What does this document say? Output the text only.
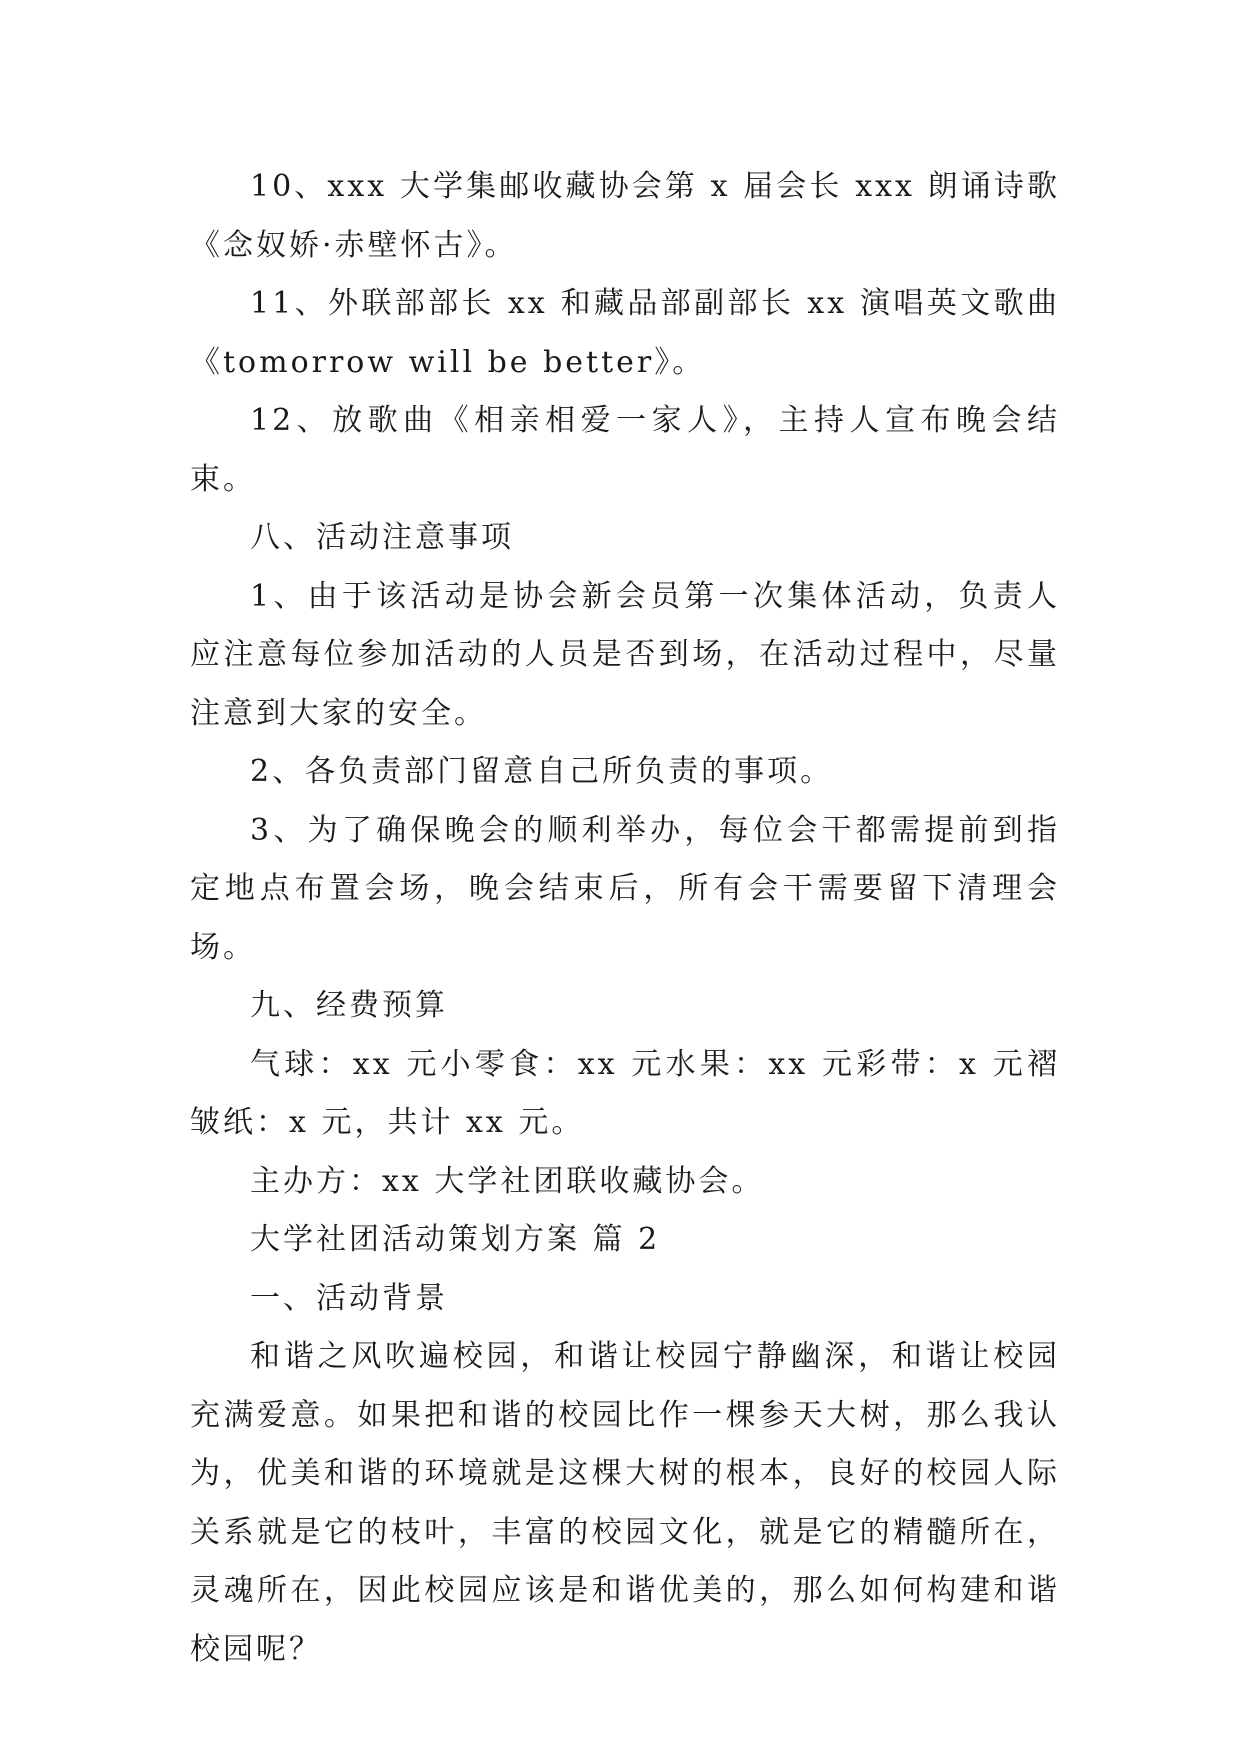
10、xxx 大学集邮收藏协会第 x 届会长 xxx 朗诵诗歌《念奴娇·赤壁怀古》。

11、外联部部长 xx 和藏品部副部长 xx 演唱英文歌曲《tomorrow will be better》。

12、放歌曲《相亲相爱一家人》，主持人宣布晚会结束。

八、活动注意事项

1、由于该活动是协会新会员第一次集体活动，负责人应注意每位参加活动的人员是否到场，在活动过程中，尽量注意到大家的安全。

2、各负责部门留意自己所负责的事项。

3、为了确保晚会的顺利举办，每位会干都需提前到指定地点布置会场，晚会结束后，所有会干需要留下清理会场。

九、经费预算

气球：xx 元小零食：xx 元水果：xx 元彩带：x 元褶皱纸：x 元，共计 xx 元。

主办方：xx 大学社团联收藏协会。

大学社团活动策划方案 篇 2

一、活动背景

和谐之风吹遍校园，和谐让校园宁静幽深，和谐让校园充满爱意。如果把和谐的校园比作一棵参天大树，那么我认为，优美和谐的环境就是这棵大树的根本，良好的校园人际关系就是它的枝叶，丰富的校园文化，就是它的精髓所在，灵魂所在，因此校园应该是和谐优美的，那么如何构建和谐校园呢？
